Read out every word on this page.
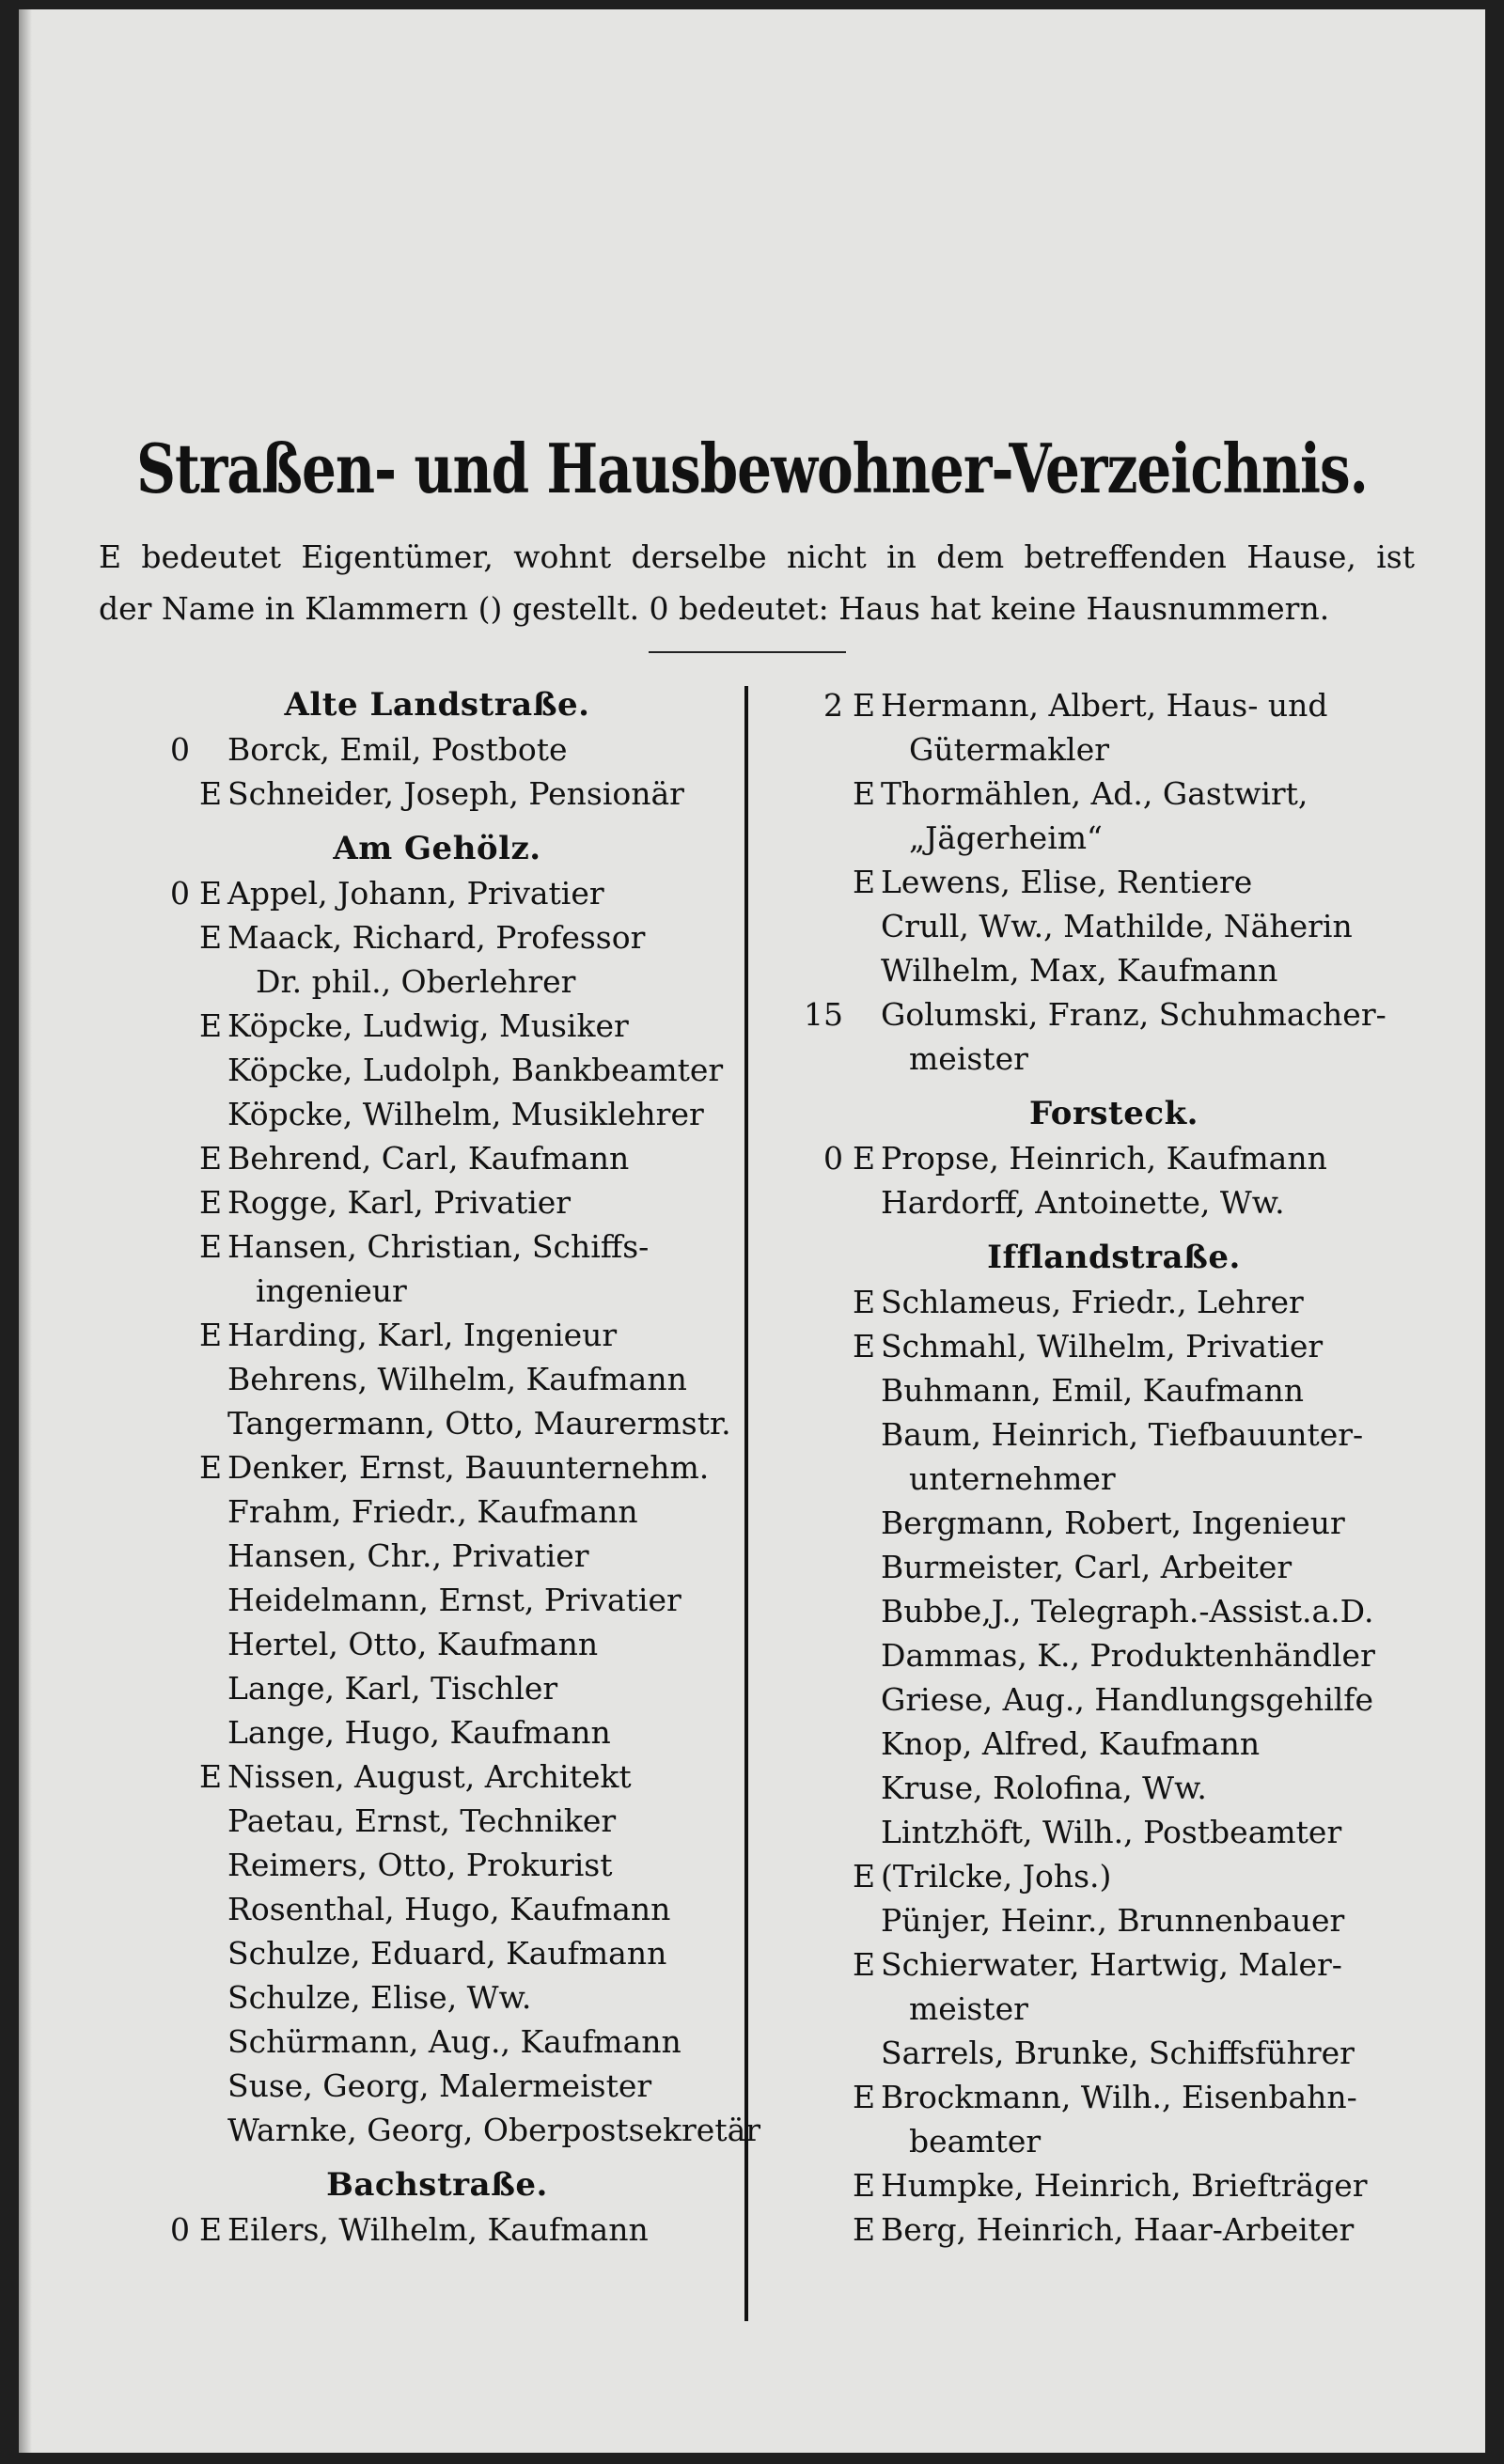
Straßen- und Hausbewohner-Verzeichnis.
E bedeutet Eigentümer, wohnt derselbe nicht in dem betreffenden Hause, ist
der Name in Klammern () gestellt. 0 bedeutet: Haus hat keine Hausnummern.
Alte Landstraße.
0 Borck, Emil, Postbote
E Schneider, Joseph, Pensionär
Am Gehölz.
0 E Appel, Johann, Privatier
E Maack, Richard, Professor
Dr. phil., Oberlehrer
E Köpcke, Ludwig, Musiker
Köpcke, Ludolph, Bankbeamter
Köpcke, Wilhelm, Musiklehrer
E Behrend, Carl, Kaufmann
E Rogge, Karl, Privatier
E Hansen, Christian, Schiffs-
ingenieur
E Harding, Karl, Ingenieur
Behrens, Wilhelm, Kaufmann
Tangermann, Otto, Maurermstr.
E Denker, Ernst, Bauunternehm.
Frahm, Friedr., Kaufmann
Hansen, Chr., Privatier
Heidelmann, Ernst, Privatier
Hertel, Otto, Kaufmann
Lange, Karl, Tischler
Lange, Hugo, Kaufmann
E Nissen, August, Architekt
Paetau, Ernst, Techniker
Reimers, Otto, Prokurist
Rosenthal, Hugo, Kaufmann
Schulze, Eduard, Kaufmann
Schulze, Elise, Ww.
Schürmann, Aug., Kaufmann
Suse, Georg, Malermeister
Warnke, Georg, Oberpostsekretär
Bachstraße.
0 E Eilers, Wilhelm, Kaufmann
2 E Hermann, Albert, Haus- und
Gütermakler
E Thormählen, Ad., Gastwirt,
„Jägerheim“
E Lewens, Elise, Rentiere
Crull, Ww., Mathilde, Näherin
Wilhelm, Max, Kaufmann
15 Golumski, Franz, Schuhmacher-
meister
Forsteck.
0 E Propse, Heinrich, Kaufmann
Hardorff, Antoinette, Ww.
Ifflandstraße.
E Schlameus, Friedr., Lehrer
E Schmahl, Wilhelm, Privatier
Buhmann, Emil, Kaufmann
Baum, Heinrich, Tiefbauunter-
unternehmer
Bergmann, Robert, Ingenieur
Burmeister, Carl, Arbeiter
Bubbe,J., Telegraph.-Assist.a.D.
Dammas, K., Produktenhändler
Griese, Aug., Handlungsgehilfe
Knop, Alfred, Kaufmann
Kruse, Rolofina, Ww.
Lintzhöft, Wilh., Postbeamter
E (Trilcke, Johs.)
Pünjer, Heinr., Brunnenbauer
E Schierwater, Hartwig, Maler-
meister
Sarrels, Brunke, Schiffsführer
E Brockmann, Wilh., Eisenbahn-
beamter
E Humpke, Heinrich, Briefträger
E Berg, Heinrich, Haar-Arbeiter
